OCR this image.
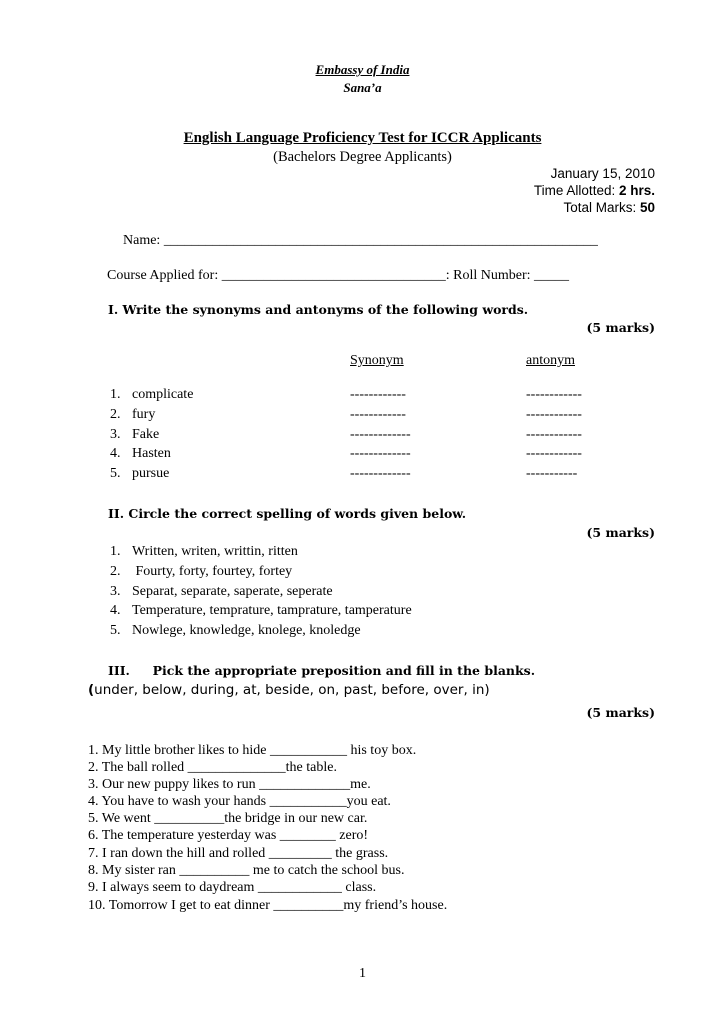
Embassy of India
Sana’a
English Language Proficiency Test for ICCR Applicants
(Bachelors Degree Applicants)
January 15, 2010
Time Allotted: 2 hrs.
Total Marks: 50
Name: ______________________________________________________________
Course Applied for: ________________________________: Roll Number: _____
I. Write the synonyms and antonyms of the following words.
(5 marks)
Synonym	antonym
1. complicate	------------	------------
2. fury	------------	------------
3. Fake	-------------	------------
4. Hasten	-------------	------------
5. pursue	-------------	-----------
II. Circle the correct spelling of words given below.
(5 marks)
1. Written, writen, writtin, ritten
2. Fourty, forty, fourtey, fortey
3. Separat, separate, saperate, seperate
4. Temperature, temprature, tamprature, tamperature
5. Nowlege, knowledge, knolege, knoledge
III. Pick the appropriate preposition and fill in the blanks.
(under, below, during, at, beside, on, past, before, over, in)
(5 marks)
1. My little brother likes to hide ___________ his toy box.
2. The ball rolled ______________the table.
3. Our new puppy likes to run _____________me.
4. You have to wash your hands ___________you eat.
5. We went __________the bridge in our new car.
6. The temperature yesterday was ________ zero!
7. I ran down the hill and rolled _________ the grass.
8. My sister ran __________ me to catch the school bus.
9. I always seem to daydream ____________ class.
10. Tomorrow I get to eat dinner __________my friend’s house.
1
